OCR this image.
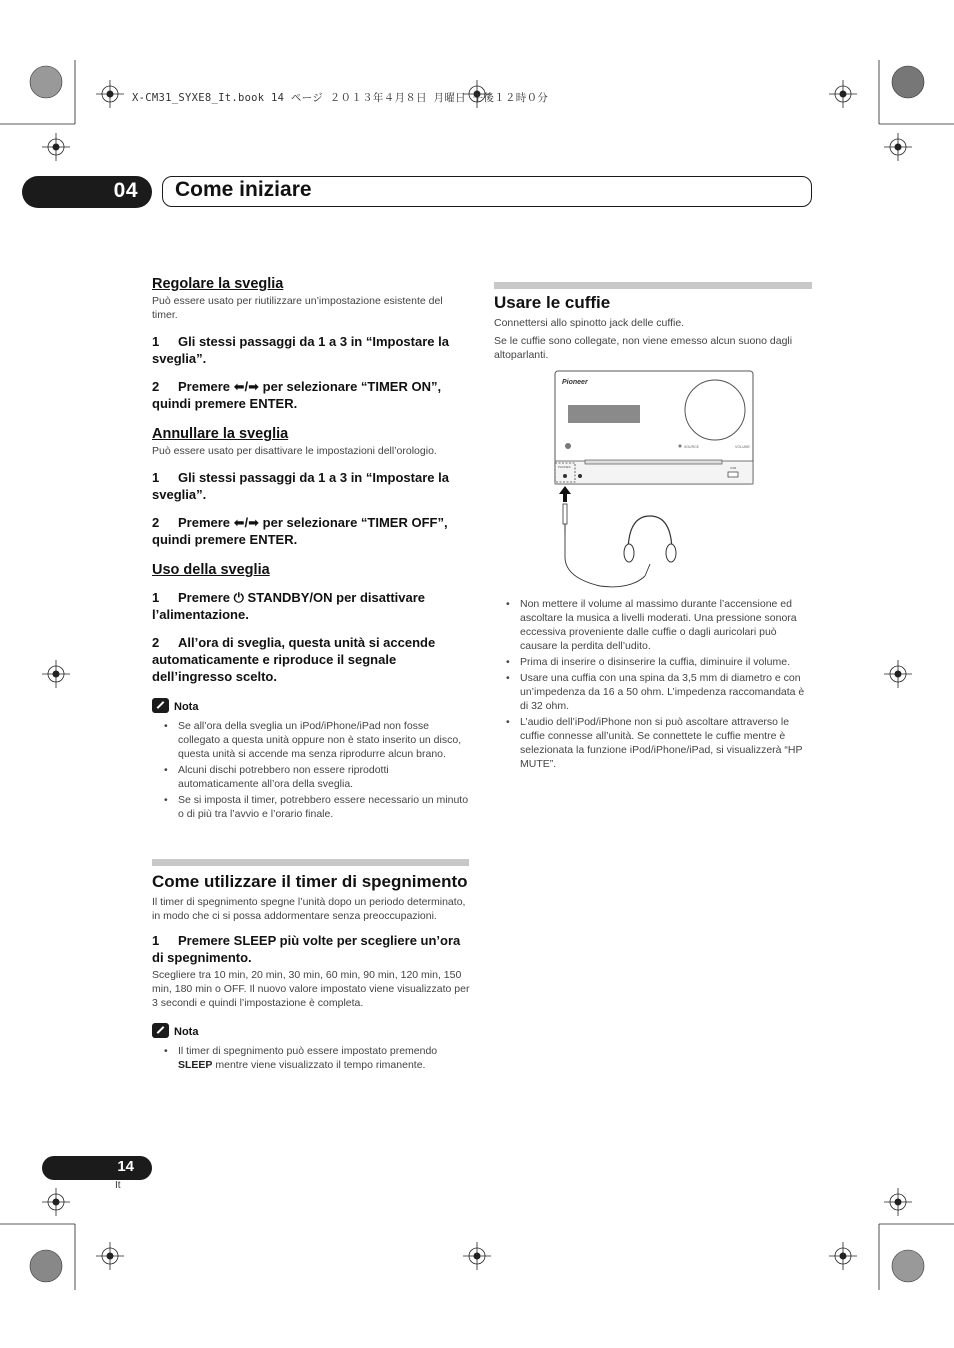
X-CM31_SYXE8_It.book 14 ページ ２０１３年４月８日 月曜日 午後１２時０分
04 Come iniziare
Regolare la sveglia

Può essere usato per riutilizzare un’impostazione esistente del timer.

1 Gli stessi passaggi da 1 a 3 in “Impostare la sveglia”.

2 Premere ⬅/➡ per selezionare “TIMER ON”, quindi premere ENTER.

Annullare la sveglia

Può essere usato per disattivare le impostazioni dell’orologio.

1 Gli stessi passaggi da 1 a 3 in “Impostare la sveglia”.

2 Premere ⬅/➡ per selezionare “TIMER OFF”, quindi premere ENTER.

Uso della sveglia

1 Premere ⏻ STANDBY/ON per disattivare l’alimentazione.

2 All’ora di sveglia, questa unità si accende automaticamente e riproduce il segnale dell’ingresso scelto.

Nota
• Se all’ora della sveglia un iPod/iPhone/iPad non fosse collegato a questa unità oppure non è stato inserito un disco, questa unità si accende ma senza riprodurre alcun brano.
• Alcuni dischi potrebbero non essere riprodotti automaticamente all’ora della sveglia.
• Se si imposta il timer, potrebbero essere necessario un minuto o di più tra l’avvio e l’orario finale.
Come utilizzare il timer di spegnimento

Il timer di spegnimento spegne l’unità dopo un periodo determinato, in modo che ci si possa addormentare senza preoccupazioni.

1 Premere SLEEP più volte per scegliere un’ora di spegnimento.

Scegliere tra 10 min, 20 min, 30 min, 60 min, 90 min, 120 min, 150 min, 180 min o OFF. Il nuovo valore impostato viene visualizzato per 3 secondi e quindi l’impostazione è completa.

Nota
• Il timer di spegnimento può essere impostato premendo SLEEP mentre viene visualizzato il tempo rimanente.
Usare le cuffie

Connettersi allo spinotto jack delle cuffie.

Se le cuffie sono collegate, non viene emesso alcun suono dagli altoparlanti.

Pioneer
SOURCE	VOLUME
PHONES	USB
• Non mettere il volume al massimo durante l’accensione ed ascoltare la musica a livelli moderati. Una pressione sonora eccessiva proveniente dalle cuffie o dagli auricolari può causare la perdita dell’udito.
• Prima di inserire o disinserire la cuffia, diminuire il volume.
• Usare una cuffia con una spina da 3,5 mm di diametro e con un’impedenza da 16 a 50 ohm. L’impedenza raccomandata è di 32 ohm.
• L’audio dell’iPod/iPhone non si può ascoltare attraverso le cuffie connesse all’unità. Se connettete le cuffie mentre è selezionata la funzione iPod/iPhone/iPad, si visualizzerà “HP MUTE”.
14
It
